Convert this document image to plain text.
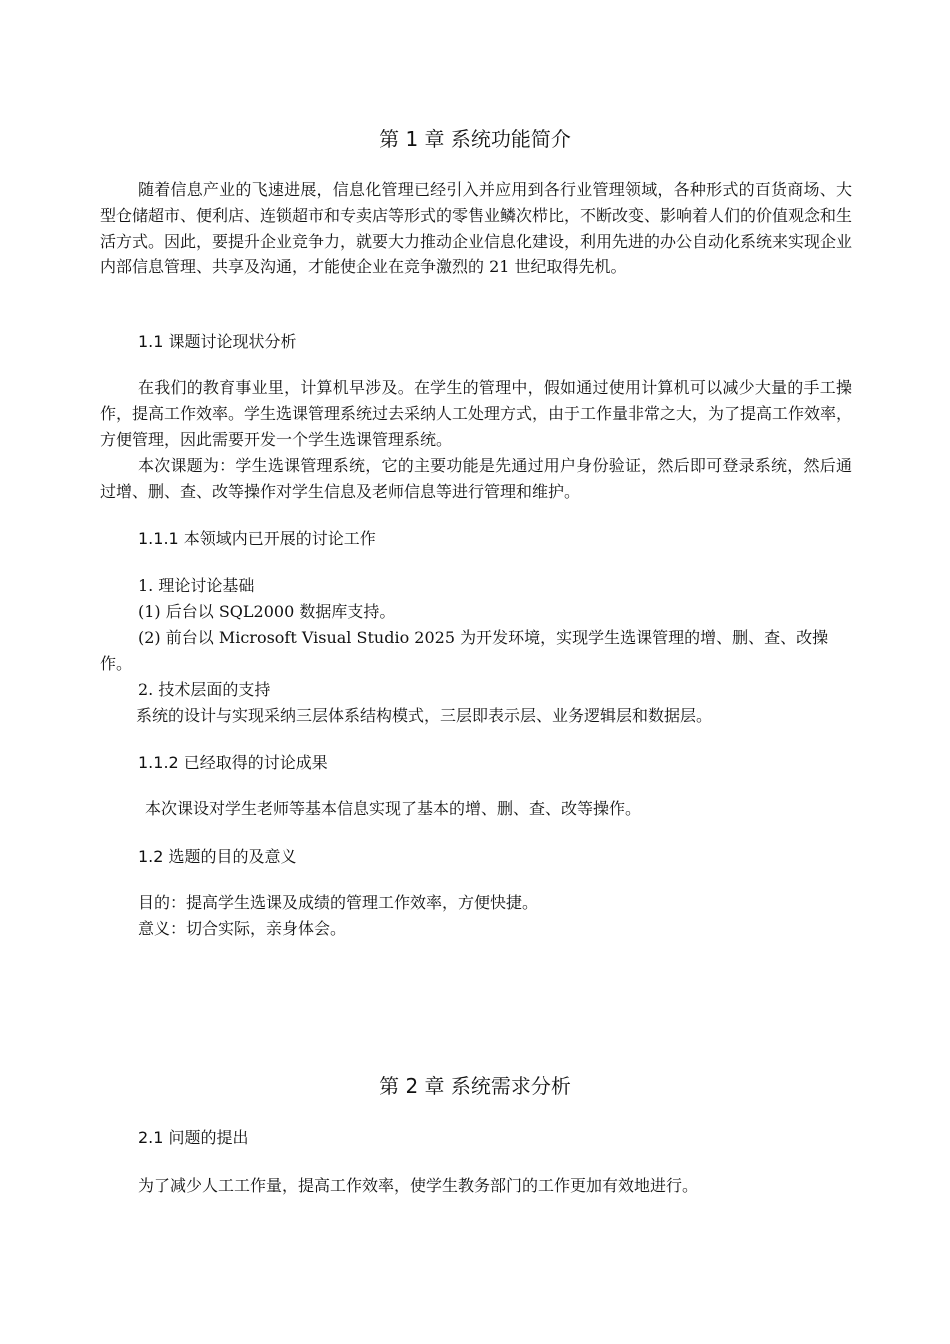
第 1 章 系统功能简介
随着信息产业的飞速进展，信息化管理已经引入并应用到各行业管理领域，各种形式的百货商场、大型仓储超市、便利店、连锁超市和专卖店等形式的零售业鳞次栉比，不断改变、影响着人们的价值观念和生活方式。因此，要提升企业竞争力，就要大力推动企业信息化建设，利用先进的办公自动化系统来实现企业内部信息管理、共享及沟通，才能使企业在竞争激烈的 21 世纪取得先机。
1.1 课题讨论现状分析
在我们的教育事业里，计算机早涉及。在学生的管理中，假如通过使用计算机可以减少大量的手工操作，提高工作效率。学生选课管理系统过去采纳人工处理方式，由于工作量非常之大，为了提高工作效率，方便管理，因此需要开发一个学生选课管理系统。
本次课题为：学生选课管理系统，它的主要功能是先通过用户身份验证，然后即可登录系统，然后通过增、删、查、改等操作对学生信息及老师信息等进行管理和维护。
1.1.1 本领域内已开展的讨论工作
1. 理论讨论基础
(1) 后台以 SQL2000 数据库支持。
(2) 前台以 Microsoft Visual Studio 2025 为开发环境，实现学生选课管理的增、删、查、改操作。
2. 技术层面的支持
系统的设计与实现采纳三层体系结构模式，三层即表示层、业务逻辑层和数据层。
1.1.2 已经取得的讨论成果
本次课设对学生老师等基本信息实现了基本的增、删、查、改等操作。
1.2 选题的目的及意义
目的：提高学生选课及成绩的管理工作效率，方便快捷。
意义：切合实际，亲身体会。
第 2 章 系统需求分析
2.1 问题的提出
为了减少人工工作量，提高工作效率，使学生教务部门的工作更加有效地进行。
